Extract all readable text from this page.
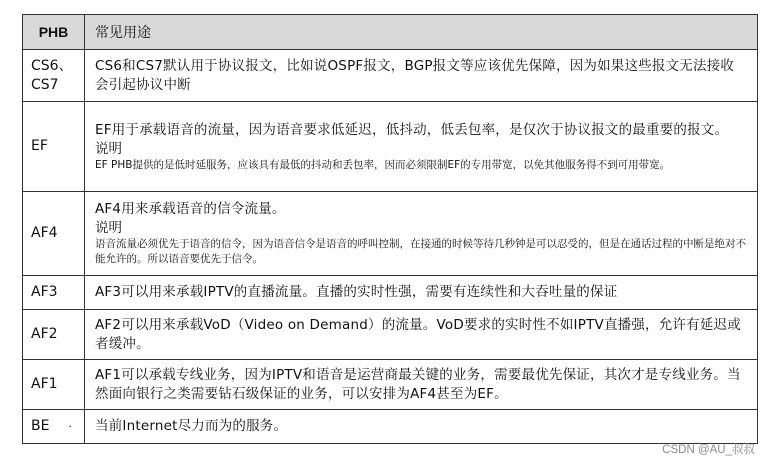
PHB	常见用途
CS6、CS7	CS6和CS7默认用于协议报文，比如说OSPF报文，BGP报文等应该优先保障，因为如果这些报文无法接收会引起协议中断

EF	EF用于承载语音的流量，因为语音要求低延迟，低抖动，低丢包率，是仅次于协议报文的最重要的报文。
说明
EF PHB提供的是低时延服务，应该具有最低的抖动和丢包率，因而必须限制EF的专用带宽，以免其他服务得不到可用带宽。

AF4	AF4用来承载语音的信令流量。
说明
语音流量必须优先于语音的信令，因为语音信令是语音的呼叫控制，在接通的时候等待几秒钟是可以忍受的，但是在通话过程的中断是绝对不能允许的。所以语音要优先于信令。

AF3	AF3可以用来承载IPTV的直播流量。直播的实时性强，需要有连续性和大吞吐量的保证

AF2	AF2可以用来承载VoD（Video on Demand）的流量。VoD要求的实时性不如IPTV直播强，允许有延迟或者缓冲。

AF1	AF1可以承载专线业务，因为IPTV和语音是运营商最关键的业务，需要最优先保证，其次才是专线业务。当然面向银行之类需要钻石级保证的业务，可以安排为AF4甚至为EF。

BE ·	当前Internet尽力而为的服务。
CSDN @AU_叔叔
